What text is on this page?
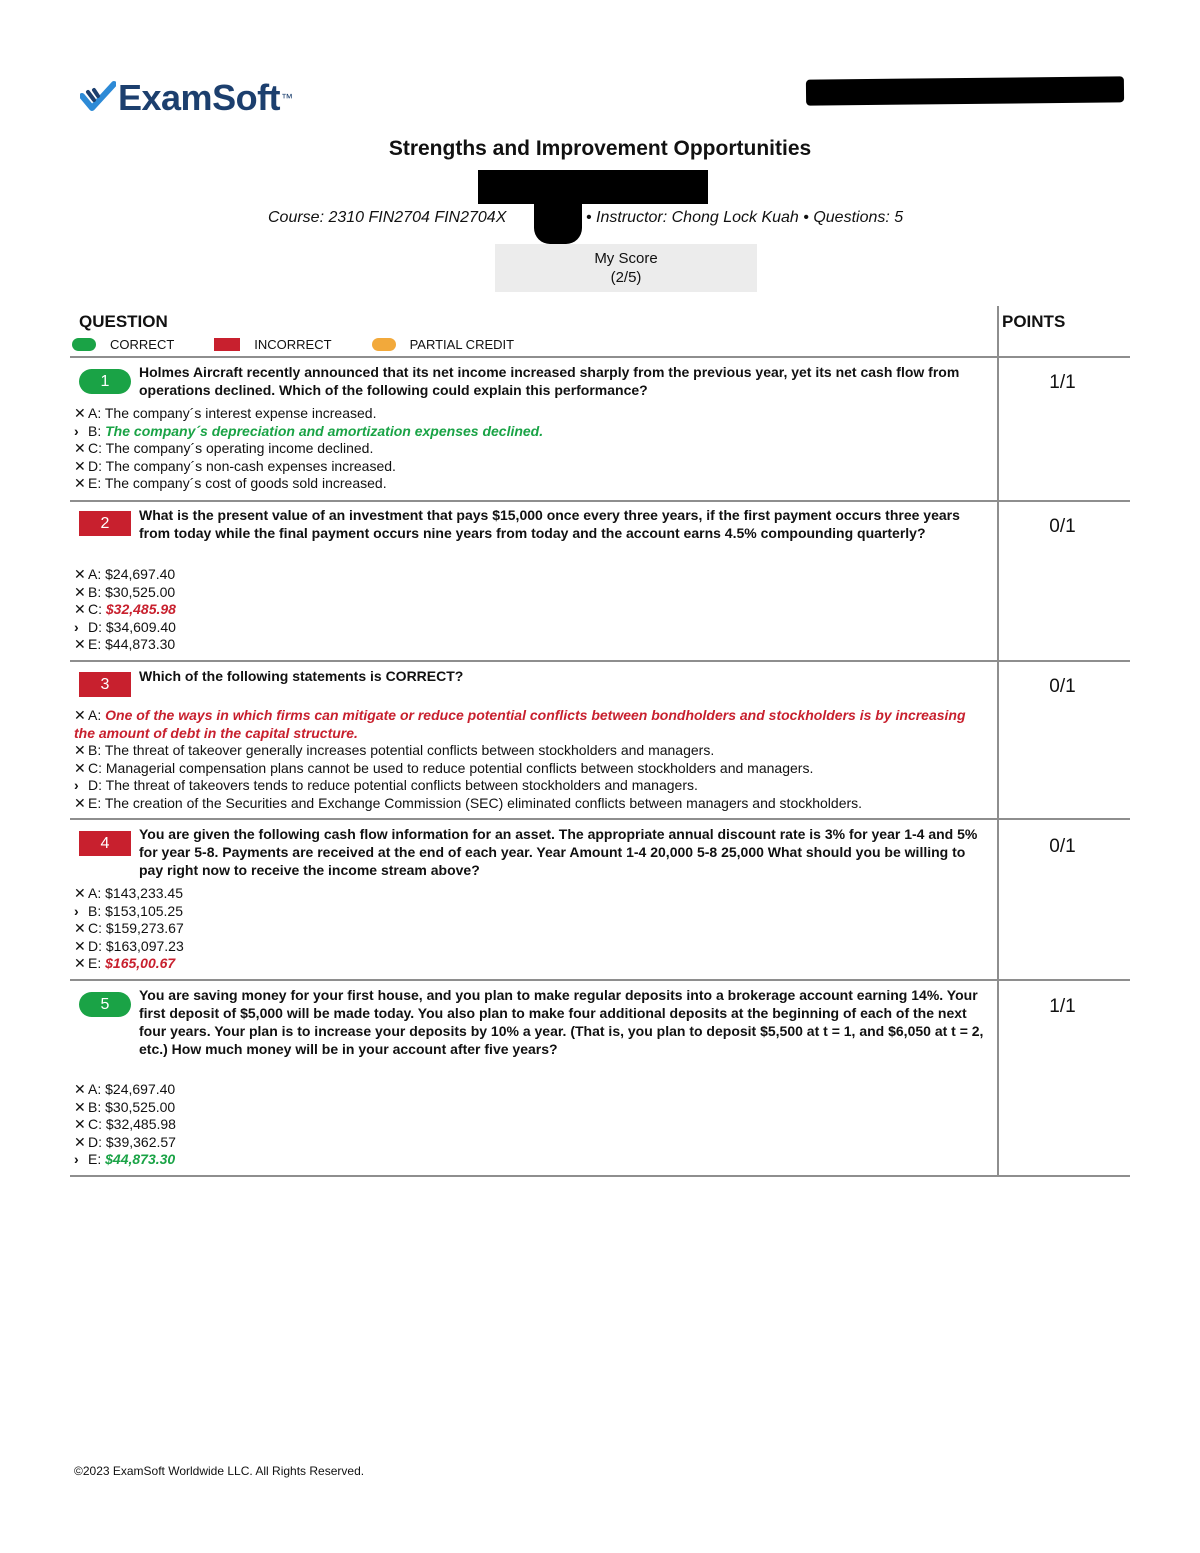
ExamSoft ™
Strengths and Improvement Opportunities
Course: 2310 FIN2704 FIN2704X	• Instructor: Chong Lock Kuah • Questions: 5
My Score
(2/5)
QUESTION	POINTS
CORRECT	INCORRECT	PARTIAL CREDIT
1
Holmes Aircraft recently announced that its net income increased sharply from the previous year, yet its net cash flow from operations declined. Which of the following could explain this performance?
✕ A: The company´s interest expense increased.
› B: The company´s depreciation and amortization expenses declined.
✕ C: The company´s operating income declined.
✕ D: The company´s non-cash expenses increased.
✕ E: The company´s cost of goods sold increased.
1/1
2	What is the present value of an investment that pays $15,000 once every three years, if the first payment occurs three years from today while the final payment occurs nine years from today and the account earns 4.5% compounding quarterly?
✕ A: $24,697.40
✕ B: $30,525.00
✕ C: $32,485.98
› D: $34,609.40
✕ E: $44,873.30
0/1
3	Which of the following statements is CORRECT?
✕ A: One of the ways in which firms can mitigate or reduce potential conflicts between bondholders and stockholders is by increasing the amount of debt in the capital structure.
✕ B: The threat of takeover generally increases potential conflicts between stockholders and managers.
✕ C: Managerial compensation plans cannot be used to reduce potential conflicts between stockholders and managers.
› D: The threat of takeovers tends to reduce potential conflicts between stockholders and managers.
✕ E: The creation of the Securities and Exchange Commission (SEC) eliminated conflicts between managers and stockholders.
0/1
4
You are given the following cash flow information for an asset. The appropriate annual discount rate is 3% for year 1-4 and 5% for year 5-8. Payments are received at the end of each year. Year Amount 1-4 20,000 5-8 25,000 What should you be willing to pay right now to receive the income stream above?
✕ A: $143,233.45
› B: $153,105.25
✕ C: $159,273.67
✕ D: $163,097.23
✕ E: $165,00.67
0/1
5
You are saving money for your first house, and you plan to make regular deposits into a brokerage account earning 14%. Your first deposit of $5,000 will be made today. You also plan to make four additional deposits at the beginning of each of the next four years. Your plan is to increase your deposits by 10% a year. (That is, you plan to deposit $5,500 at t = 1, and $6,050 at t = 2, etc.) How much money will be in your account after five years?
✕ A: $24,697.40
✕ B: $30,525.00
✕ C: $32,485.98
✕ D: $39,362.57
› E: $44,873.30
1/1
©2023 ExamSoft Worldwide LLC. All Rights Reserved.
